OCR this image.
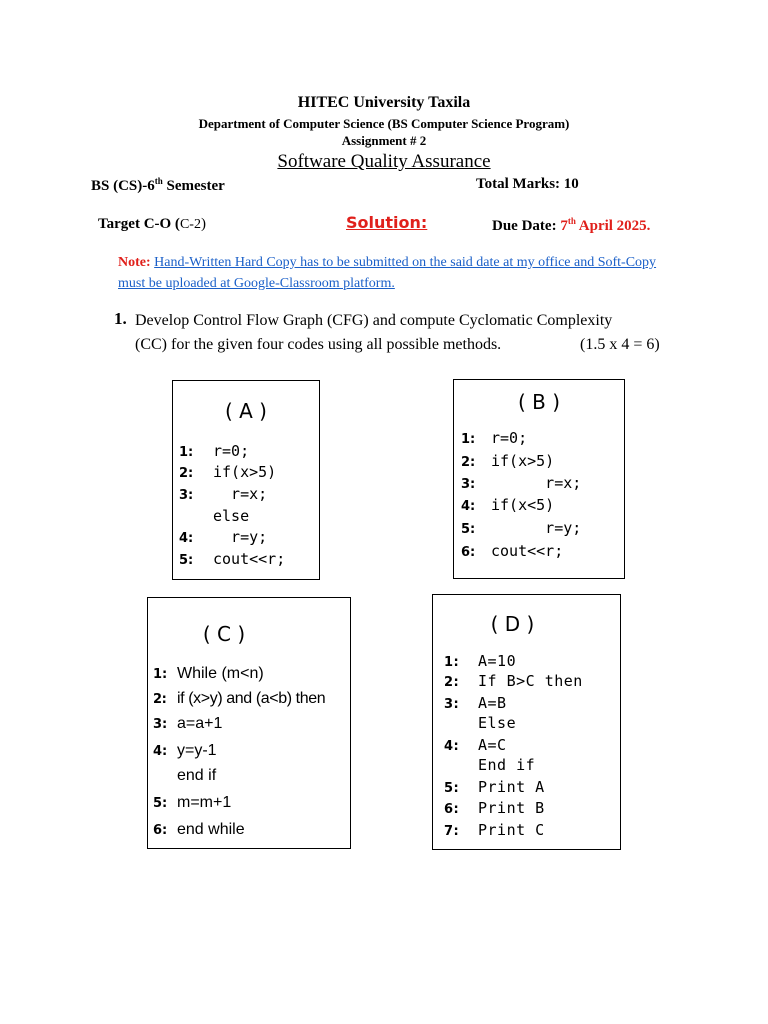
HITEC University Taxila
Department of Computer Science (BS Computer Science Program)
Assignment # 2
Software Quality Assurance
BS (CS)-6th Semester	Total Marks: 10
Target C-O (C-2)	Solution:	Due Date: 7th April 2025.
Note: Hand-Written Hard Copy has to be submitted on the said date at my office and Soft-Copy must be uploaded at Google-Classroom platform.
1. Develop Control Flow Graph (CFG) and compute Cyclomatic Complexity
(CC) for the given four codes using all possible methods.	(1.5 x 4 = 6)
( A )
1: r=0;
2: if(x>5)
3:  r=x;
else
4:  r=y;
5: cout<<r;
( B )
1: r=0;
2: if(x>5)
3:      r=x;
4: if(x<5)
5:      r=y;
6: cout<<r;
( C )
1: While (m<n)
2: if (x>y) and (a<b) then
3: a=a+1
4: y=y-1
end if
5: m=m+1
6: end while
( D )
1: A=10
2: If B>C then
3: A=B
Else
4: A=C
End if
5: Print A
6: Print B
7: Print C
